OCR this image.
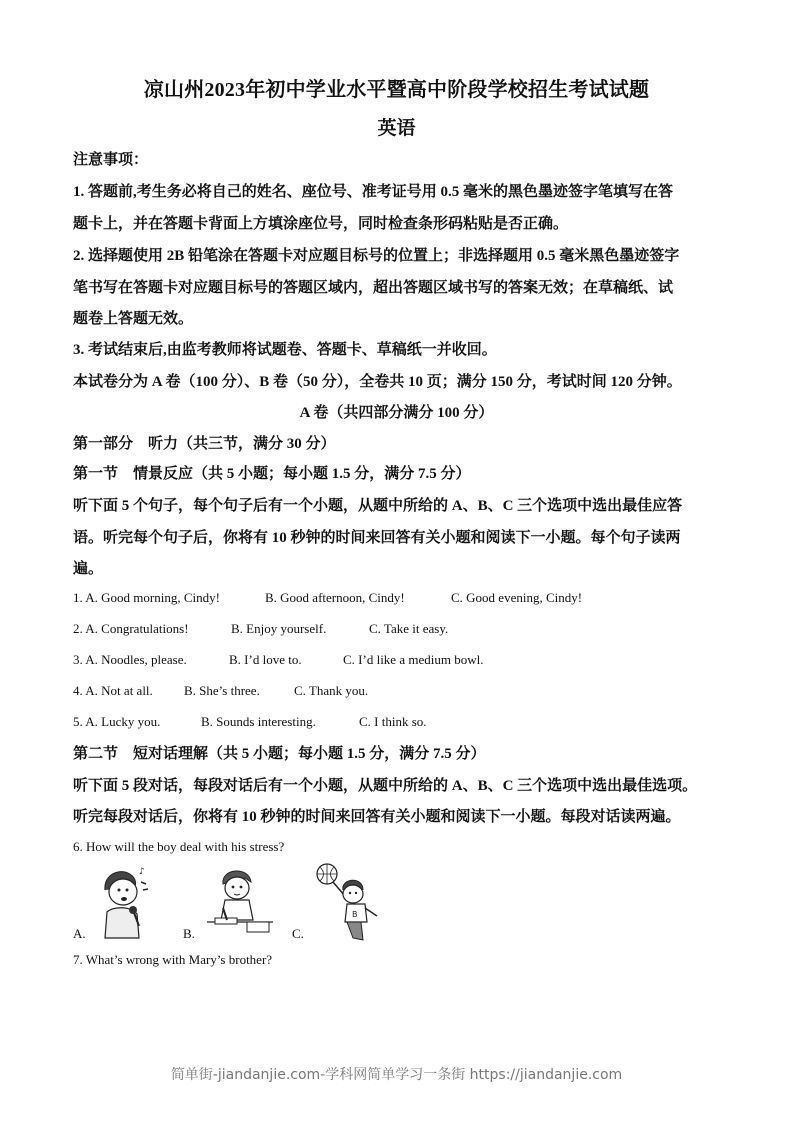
凉山州2023年初中学业水平暨高中阶段学校招生考试试题
英语
注意事项：
1. 答题前,考生务必将自己的姓名、座位号、准考证号用 0.5 毫米的黑色墨迹签字笔填写在答
题卡上，并在答题卡背面上方填涂座位号，同时检查条形码粘贴是否正确。
2. 选择题使用 2B 铅笔涂在答题卡对应题目标号的位置上；非选择题用 0.5 毫米黑色墨迹签字
笔书写在答题卡对应题目标号的答题区域内，超出答题区域书写的答案无效；在草稿纸、试
题卷上答题无效。
3. 考试结束后,由监考教师将试题卷、答题卡、草稿纸一并收回。
本试卷分为 A 卷（100 分）、B 卷（50 分），全卷共 10 页；满分 150 分，考试时间 120 分钟。
A 卷（共四部分满分 100 分）
第一部分　听力（共三节，满分 30 分）
第一节　情景反应（共 5 小题；每小题 1.5 分，满分 7.5 分）
听下面 5 个句子，每个句子后有一个小题，从题中所给的 A、B、C 三个选项中选出最佳应答
语。听完每个句子后，你将有 10 秒钟的时间来回答有关小题和阅读下一小题。每个句子读两
遍。
1. A. Good morning, Cindy!	B. Good afternoon, Cindy!	C. Good evening, Cindy!
2. A. Congratulations!	B. Enjoy yourself.	C. Take it easy.
3. A. Noodles, please.	B. I’d love to.	C. I’d like a medium bowl.
4. A. Not at all. B. She’s three.	C. Thank you.
5. A. Lucky you.	B. Sounds interesting.	C. I think so.
第二节　短对话理解（共 5 小题；每小题 1.5 分，满分 7.5 分）
听下面 5 段对话，每段对话后有一个小题，从题中所给的 A、B、C 三个选项中选出最佳选项。
听完每段对话后，你将有 10 秒钟的时间来回答有关小题和阅读下一小题。每段对话读两遍。
6. How will the boy deal with his stress?
A.
♪
B.	C.
B
7. What’s wrong with Mary’s brother?
简单街-jiandanjie.com-学科网简单学习一条街 https://jiandanjie.com
